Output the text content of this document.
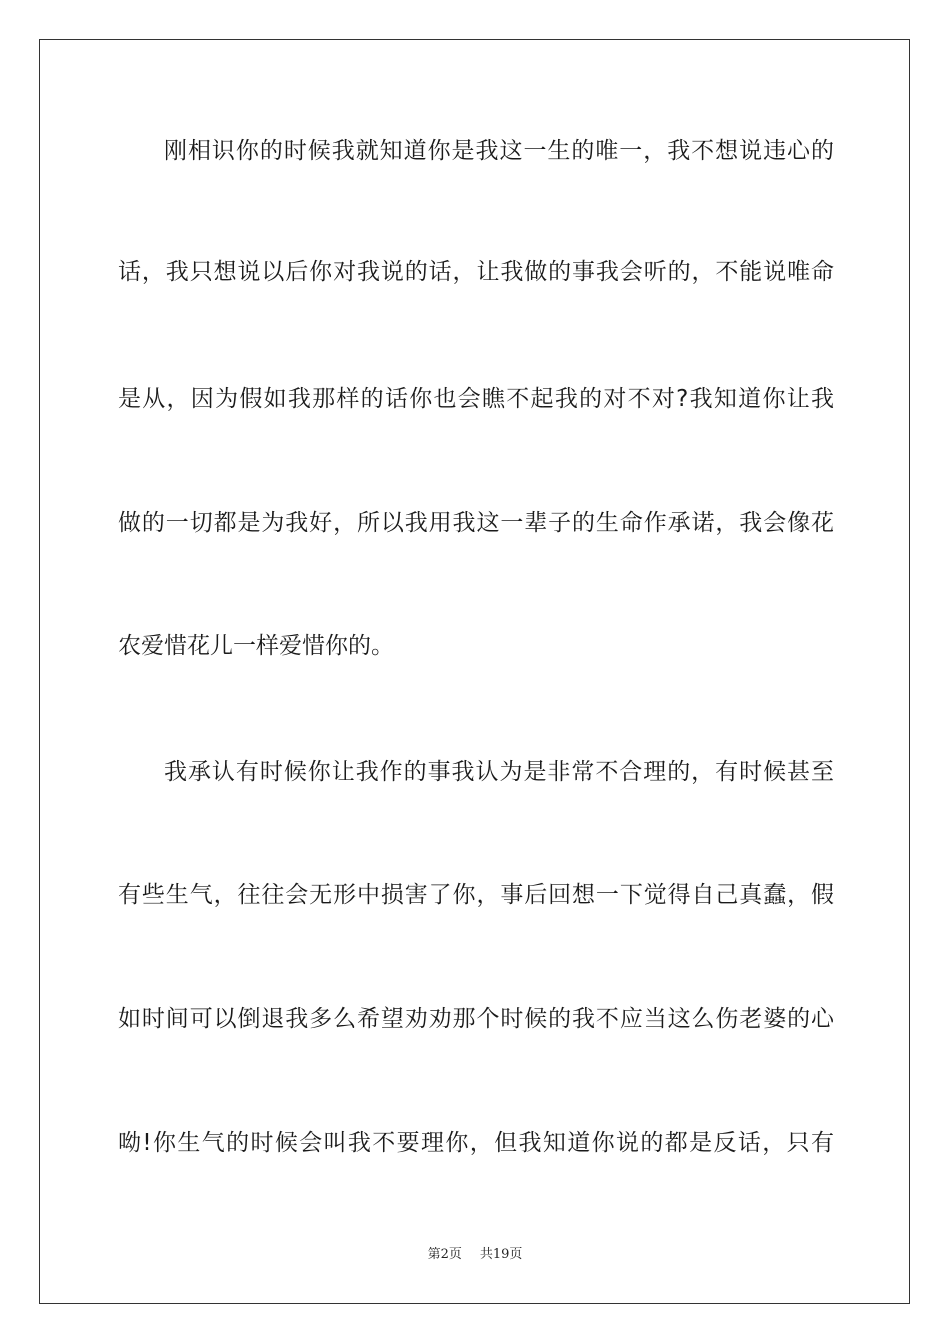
刚相识你的时候我就知道你是我这一生的唯一，我不想说违心的
话，我只想说以后你对我说的话，让我做的事我会听的，不能说唯命
是从，因为假如我那样的话你也会瞧不起我的对不对?我知道你让我
做的一切都是为我好，所以我用我这一辈子的生命作承诺，我会像花
农爱惜花儿一样爱惜你的。
我承认有时候你让我作的事我认为是非常不合理的，有时候甚至
有些生气，往往会无形中损害了你，事后回想一下觉得自己真蠢，假
如时间可以倒退我多么希望劝劝那个时候的我不应当这么伤老婆的心
呦!你生气的时候会叫我不要理你，但我知道你说的都是反话，只有
第2页 共19页
